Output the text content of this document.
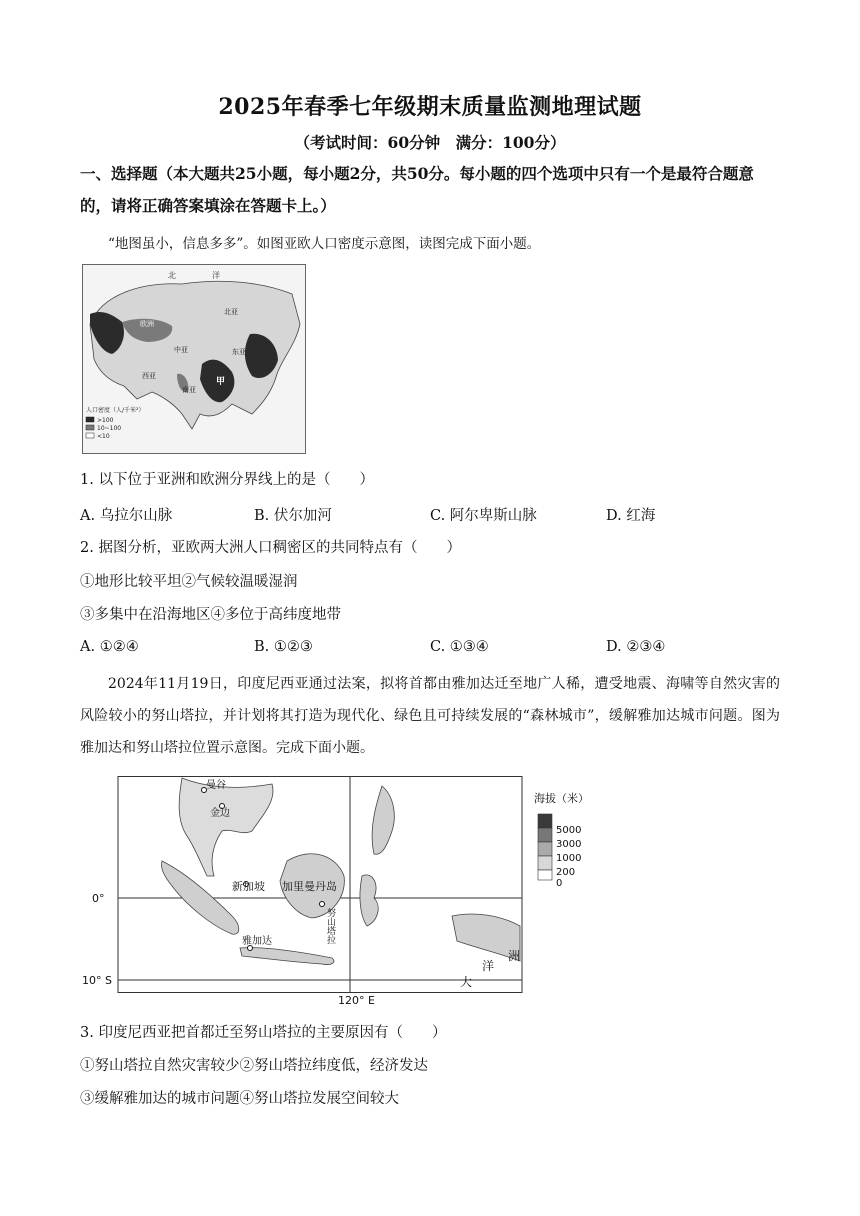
2025年春季七年级期末质量监测地理试题
（考试时间：60分钟　满分：100分）
一、选择题（本大题共25小题，每小题2分，共50分。每小题的四个选项中只有一个是最符合题意的，请将正确答案填涂在答题卡上。）
“地图虽小，信息多多”。如图亚欧人口密度示意图，读图完成下面小题。
甲
北	洋
欧洲
北亚
中亚	东亚
西亚
南亚
人口密度（人/千米²）
>100
10~100
<10
1. 以下位于亚洲和欧洲分界线上的是（　　）
A. 乌拉尔山脉	B. 伏尔加河	C. 阿尔卑斯山脉	D. 红海
2. 据图分析，亚欧两大洲人口稠密区的共同特点有（　　）
①地形比较平坦②气候较温暖湿润
③多集中在沿海地区④多位于高纬度地带
A. ①②④	B. ①②③	C. ①③④	D. ②③④
2024年11月19日，印度尼西亚通过法案，拟将首都由雅加达迁至地广人稀，遭受地震、海啸等自然灾害的风险较小的努山塔拉，并计划将其打造为现代化、绿色且可持续发展的“森林城市”，缓解雅加达城市问题。图为雅加达和努山塔拉位置示意图。完成下面小题。
曼谷
金边
新加坡 加里曼丹岛
雅加达	努山塔拉
洋
洲
大
0°
10° S
120° E
海拔（米）
5000
3000
1000
200
0
3. 印度尼西亚把首都迁至努山塔拉的主要原因有（　　）
①努山塔拉自然灾害较少②努山塔拉纬度低，经济发达
③缓解雅加达的城市问题④努山塔拉发展空间较大
